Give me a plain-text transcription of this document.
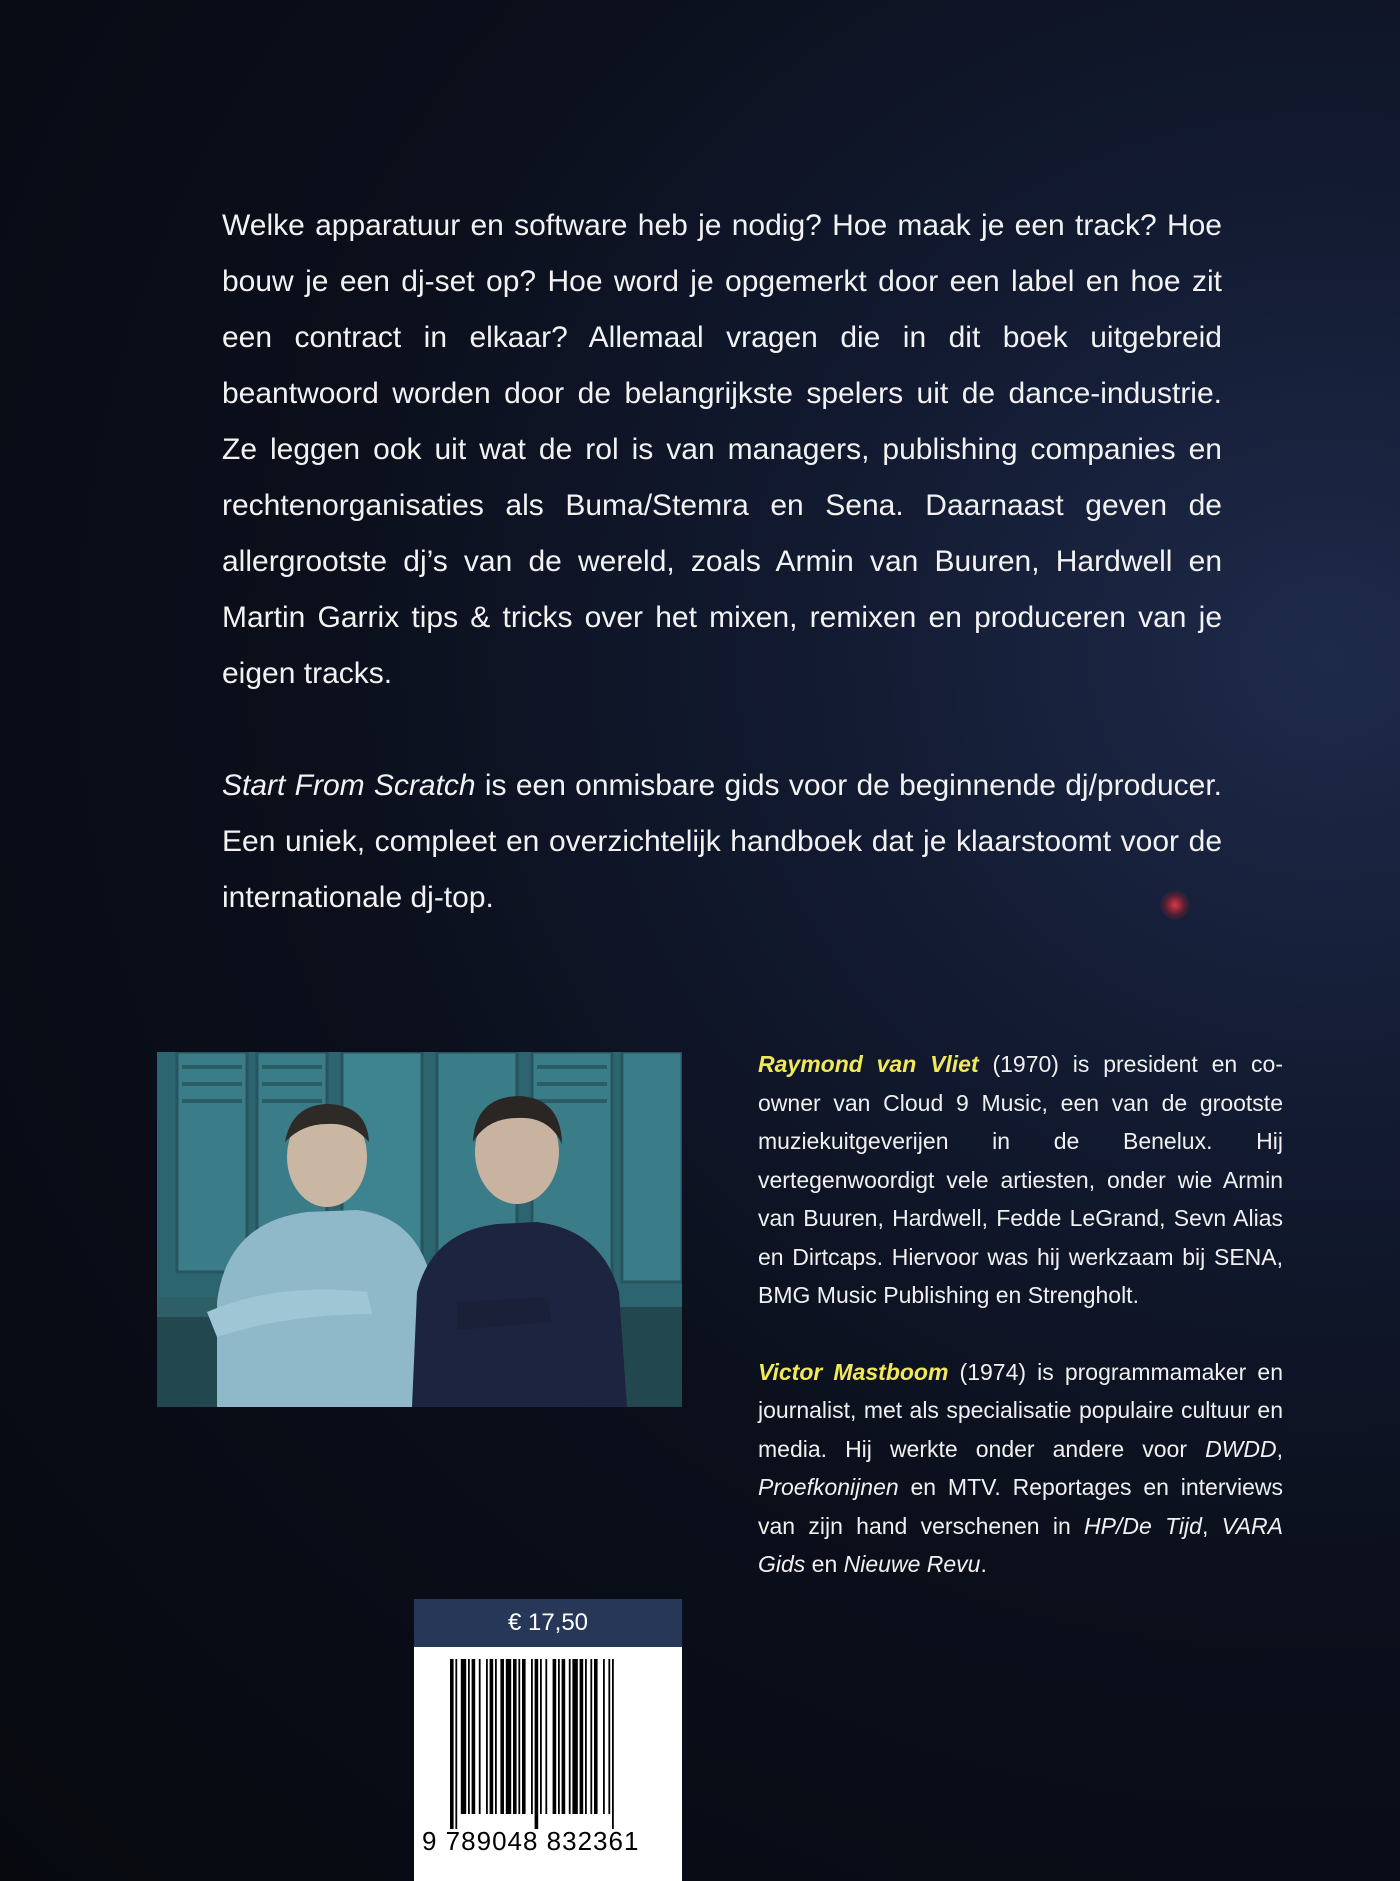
Welke apparatuur en software heb je nodig? Hoe maak je een track? Hoe bouw je een dj-set op? Hoe word je opgemerkt door een label en hoe zit een contract in elkaar? Allemaal vragen die in dit boek uitgebreid beantwoord worden door de belangrijkste spelers uit de dance-industrie. Ze leggen ook uit wat de rol is van managers, publishing companies en rechtenorganisaties als Buma/Stemra en Sena. Daarnaast geven de allergrootste dj’s van de wereld, zoals Armin van Buuren, Hardwell en Martin Garrix tips & tricks over het mixen, remixen en produceren van je eigen tracks.

Start From Scratch is een onmisbare gids voor de beginnende dj/producer. Een uniek, compleet en overzichtelijk handboek dat je klaarstoomt voor de internationale dj-top.

Raymond van Vliet (1970) is president en co-owner van Cloud 9 Music, een van de grootste muziekuitgeverijen in de Benelux. Hij vertegenwoordigt vele artiesten, onder wie Armin van Buuren, Hardwell, Fedde LeGrand, Sevn Alias en Dirtcaps. Hiervoor was hij werkzaam bij SENA, BMG Music Publishing en Strengholt.

Victor Mastboom (1974) is programmamaker en journalist, met als specialisatie populaire cultuur en media. Hij werkte onder andere voor DWDD, Proefkonijnen en MTV. Reportages en interviews van zijn hand verschenen in HP/De Tijd, VARA Gids en Nieuwe Revu.

€ 17,50
9 789048 832361
